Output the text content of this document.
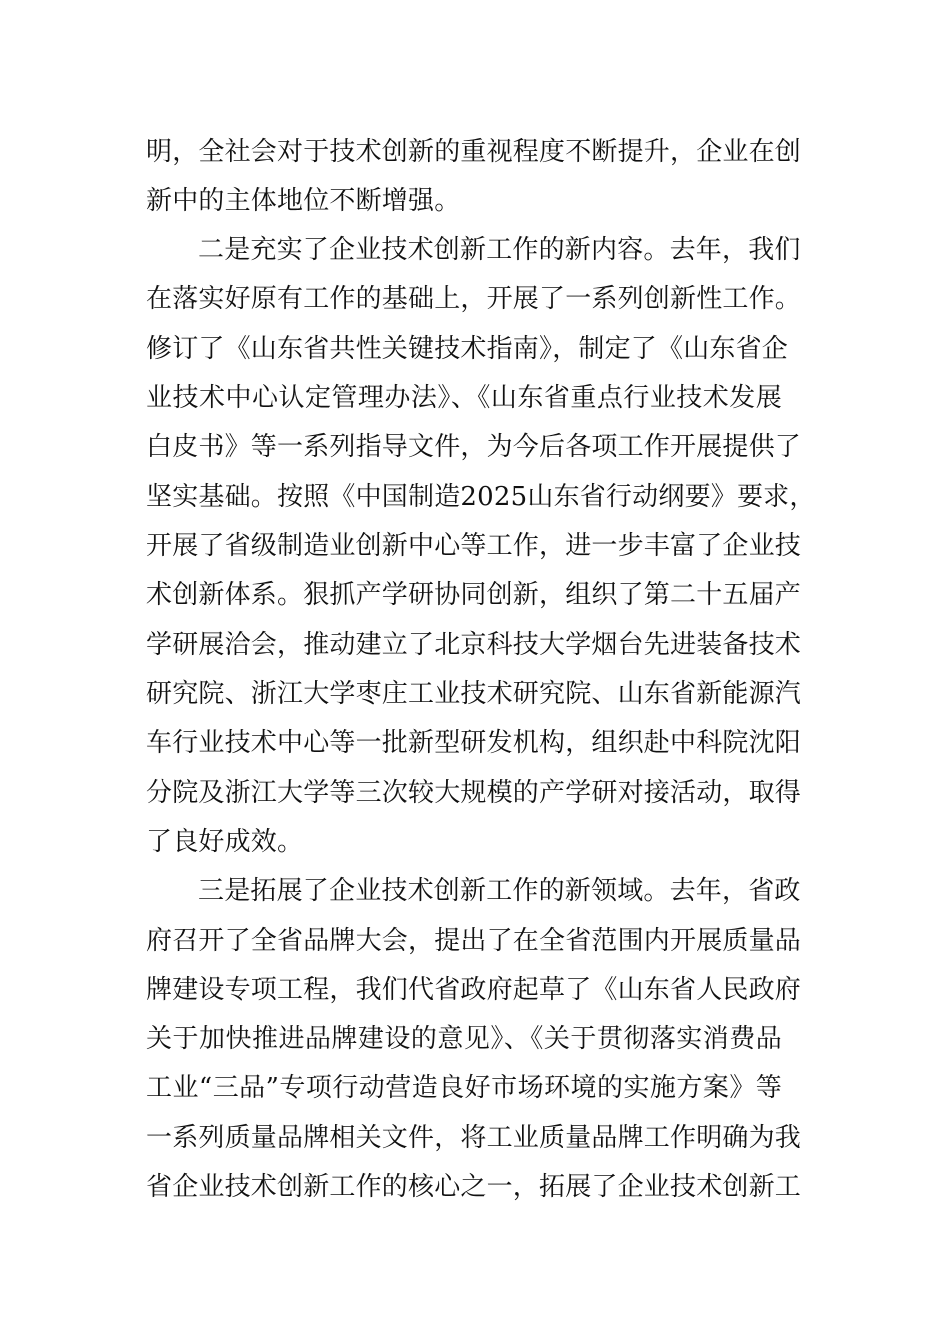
明，全社会对于技术创新的重视程度不断提升，企业在创
新中的主体地位不断增强。
二是充实了企业技术创新工作的新内容。去年，我们
在落实好原有工作的基础上，开展了一系列创新性工作。
修订了《山东省共性关键技术指南》，制定了《山东省企
业技术中心认定管理办法》、《山东省重点行业技术发展
白皮书》等一系列指导文件，为今后各项工作开展提供了
坚实基础。按照《中国制造2025山东省行动纲要》要求，
开展了省级制造业创新中心等工作，进一步丰富了企业技
术创新体系。狠抓产学研协同创新，组织了第二十五届产
学研展洽会，推动建立了北京科技大学烟台先进装备技术
研究院、浙江大学枣庄工业技术研究院、山东省新能源汽
车行业技术中心等一批新型研发机构，组织赴中科院沈阳
分院及浙江大学等三次较大规模的产学研对接活动，取得
了良好成效。
三是拓展了企业技术创新工作的新领域。去年，省政
府召开了全省品牌大会，提出了在全省范围内开展质量品
牌建设专项工程，我们代省政府起草了《山东省人民政府
关于加快推进品牌建设的意见》、《关于贯彻落实消费品
工业“三品”专项行动营造良好市场环境的实施方案》等
一系列质量品牌相关文件，将工业质量品牌工作明确为我
省企业技术创新工作的核心之一，拓展了企业技术创新工
